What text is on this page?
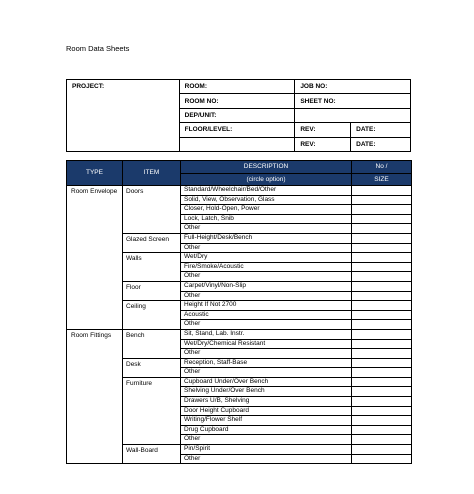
Room Data Sheets
PROJECT:	ROOM:	JOB NO:	
	ROOM NO:	SHEET NO:	
	DEP/UNIT:		
	FLOOR/LEVEL:	REV:	DATE:
		REV:	DATE:
TYPE	ITEM	DESCRIPTION	No /
		(circle option)	SIZE
Room Envelope	Doors	Standard/Wheelchair/Bed/Other	
		Solid, View, Observation, Glass	
		Closer, Hold-Open, Power	
		Lock, Latch, Snib	
		Other	
	Glazed Screen	Full-Height/Desk/Bench	
		Other	
	Walls	Wet/Dry	
		Fire/Smoke/Acoustic	
		Other	
	Floor	Carpet/Vinyl/Non-Slip	
		Other	
	Ceiling	Height If Not 2700	
		Acoustic	
		Other	
Room Fittings	Bench	Sit, Stand, Lab. Instr.	
		Wet/Dry/Chemical Resistant	
		Other	
	Desk	Reception, Staff-Base	
		Other	
	Furniture	Cupboard Under/Over Bench	
		Shelving Under/Over Bench	
		Drawers U/B, Shelving	
		Door Height Cupboard	
		Writing/Flower Shelf	
		Drug Cupboard	
		Other	
	Wall-Board	Pin/Spirit	
		Other	
